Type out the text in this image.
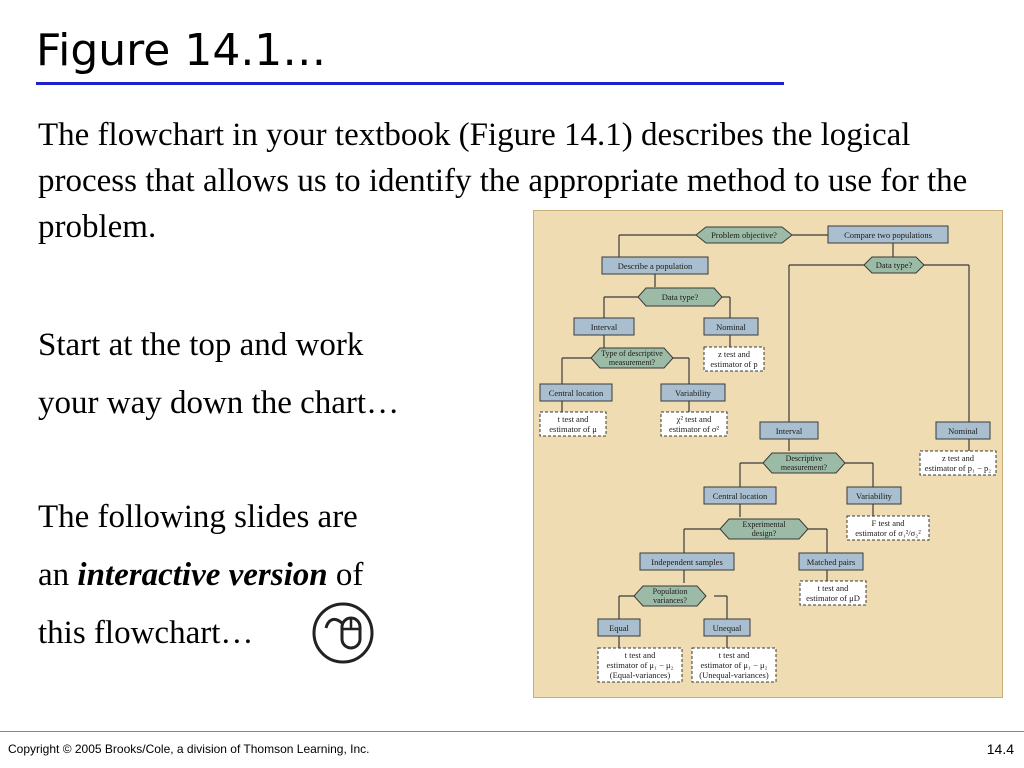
Figure 14.1…
The flowchart in your textbook (Figure 14.1) describes the logical process that allows us to identify the appropriate method to use for the problem.
Start at the top and work
your way down the chart…
The following slides are
an interactive version of
this flowchart…
Problem objective?	Compare two populations
Describe a population	Data type?
Data type?
Interval	Nominal
z test and
estimator of p
Type of descriptive
measurement?
Central location	Variability
t test and
estimator of μ
χ² test and
estimator of σ²	Interval	Nominal
z test and
estimator of p₁ − p₂
Descriptive
measurement?
Central location	Variability
F test and
estimator of σ₁²/σ₂²
Experimental
design?
Independent samples	Matched pairs
t test and
estimator of μD
Population
variances?
Equal	Unequal
t test and
estimator of μ₁ − μ₂
(Equal-variances)
t test and
estimator of μ₁ − μ₂
(Unequal-variances)
Copyright © 2005 Brooks/Cole, a division of Thomson Learning, Inc.	14.4
